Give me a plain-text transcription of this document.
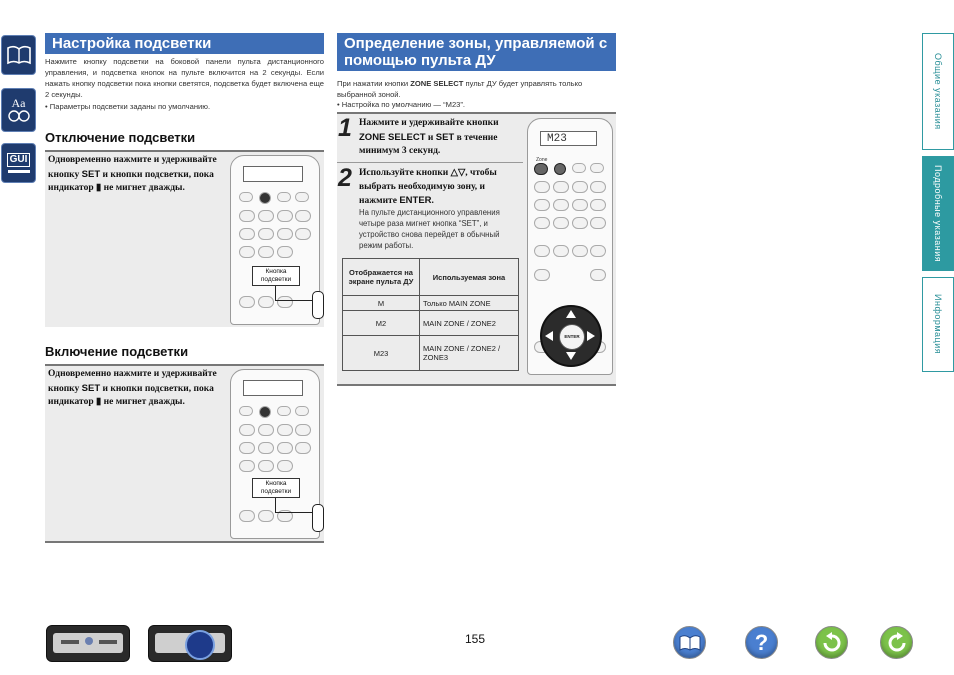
Aa
GUI
Общие указания
Подробные указания
Информация
Настройка подсветки
Нажмите кнопку подсветки на боковой панели пульта дистанционного управления, и подсветка кнопок на пульте включится на 2 секунды. Если нажать кнопку подсветки пока кнопки светятся, подсветка будет включена еще 2 секунды.
• Параметры подсветки заданы по умолчанию.
Отключение подсветки
Одновременно нажмите и удерживайте кнопку SET и кнопки подсветки, пока индикатор ▮ не мигнет дважды.
Кнопка подсветки
Включение подсветки
Одновременно нажмите и удерживайте кнопку SET и кнопки подсветки, пока индикатор ▮ не мигнет дважды.
Кнопка подсветки
Определение зоны, управляемой с помощью пульта ДУ
При нажатии кнопки ZONE SELECT пульт ДУ будет управлять только выбранной зоной.
• Настройка по умолчанию — “M23”.
1 Нажмите и удерживайте кнопки ZONE SELECT и SET в течение минимум 3 секунд.
2 Используйте кнопки △▽, чтобы выбрать необходимую зону, и нажмите ENTER.
На пульте дистанционного управления четыре раза мигнет кнопка “SET”, и устройство снова перейдет в обычный режим работы.
Отображается на экране пульта ДУ	Используемая зона
M	Только MAIN ZONE
M2	MAIN ZONE / ZONE2
M23	MAIN ZONE / ZONE2 / ZONE3
M23
Zone
ENTER
155	?
